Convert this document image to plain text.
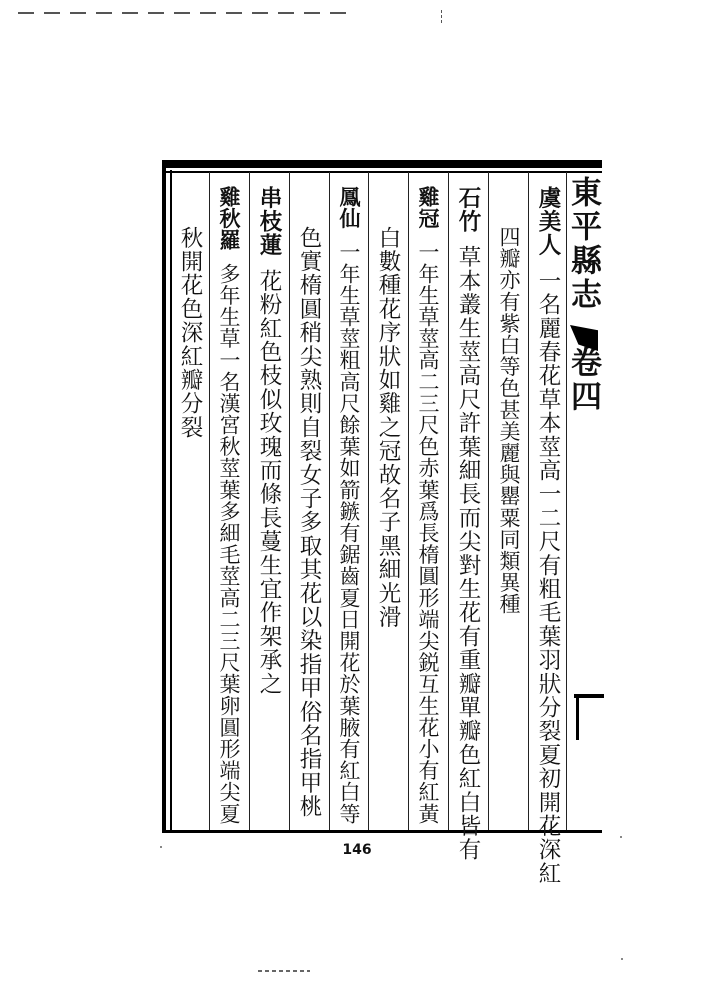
東平縣志卷四
虞美人一名麗春花草本莖高一二尺有粗毛葉羽狀分裂夏初開花深紅
四瓣亦有紫白等色甚美麗與罌粟同類異種
石竹草本叢生莖高尺許葉細長而尖對生花有重瓣單瓣色紅白皆有
雞冠一年生草莖高二三尺色赤葉爲長楕圓形端尖鋭互生花小有紅黃
白數種花序狀如雞之冠故名子黑細光滑
鳳仙一年生草莖粗高尺餘葉如箭鏃有鋸齒夏日開花於葉腋有紅白等
色實楕圓稍尖熟則自裂女子多取其花以染指甲俗名指甲桃
串枝蓮花粉紅色枝似玫瑰而條長蔓生宜作架承之
雞秋羅多年生草一名漢宮秋莖葉多細毛莖高二三尺葉卵圓形端尖夏
秋開花色深紅瓣分裂
146
